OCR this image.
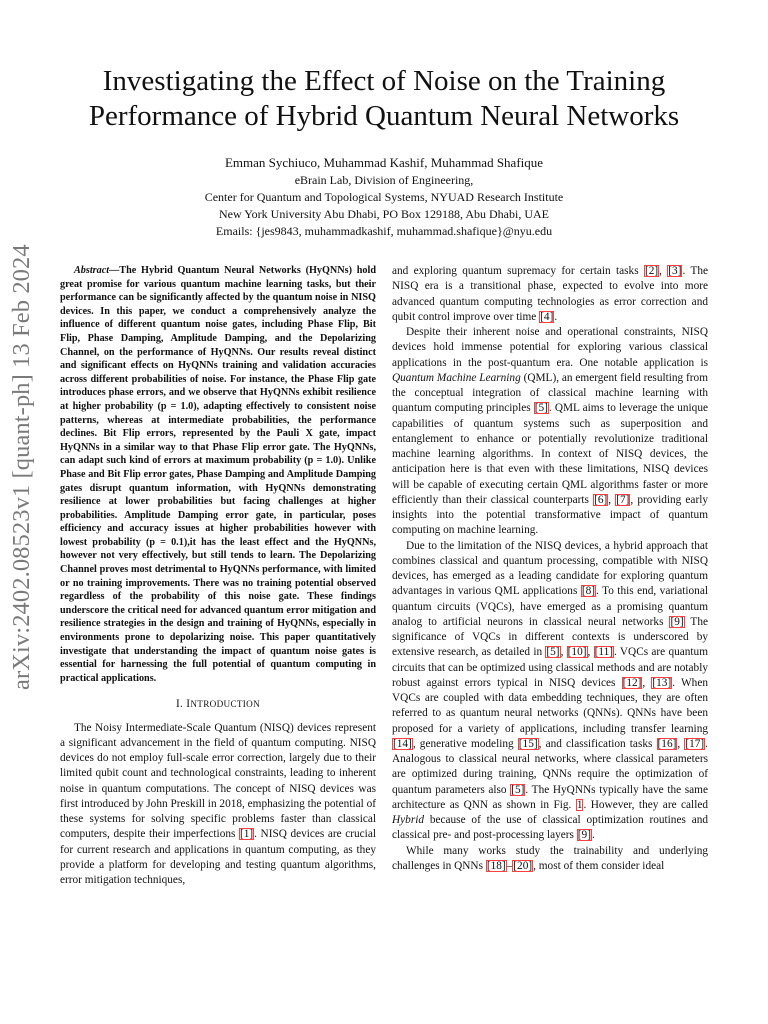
arXiv:2402.08523v1 [quant-ph] 13 Feb 2024
Investigating the Effect of Noise on the Training
Performance of Hybrid Quantum Neural Networks
Emman Sychiuco, Muhammad Kashif, Muhammad Shafique
eBrain Lab, Division of Engineering,
Center for Quantum and Topological Systems, NYUAD Research Institute
New York University Abu Dhabi, PO Box 129188, Abu Dhabi, UAE
Emails: {jes9843, muhammadkashif, muhammad.shafique}@nyu.edu

Abstract—The Hybrid Quantum Neural Networks (HyQNNs) hold great promise for various quantum machine learning tasks, but their performance can be significantly affected by the quantum noise in NISQ devices. In this paper, we conduct a comprehensively analyze the influence of different quantum noise gates, including Phase Flip, Bit Flip, Phase Damping, Amplitude Damping, and the Depolarizing Channel, on the performance of HyQNNs. Our results reveal distinct and significant effects on HyQNNs training and validation accuracies across different probabilities of noise. For instance, the Phase Flip gate introduces phase errors, and we observe that HyQNNs exhibit resilience at higher probability (p = 1.0), adapting effectively to consistent noise patterns, whereas at intermediate probabilities, the performance declines. Bit Flip errors, represented by the Pauli X gate, impact HyQNNs in a similar way to that Phase Flip error gate. The HyQNNs, can adapt such kind of errors at maximum probability (p = 1.0). Unlike Phase and Bit Flip error gates, Phase Damping and Amplitude Damping gates disrupt quantum information, with HyQNNs demonstrating resilience at lower probabilities but facing challenges at higher probabilities. Amplitude Damping error gate, in particular, poses efficiency and accuracy issues at higher probabilities however with lowest probability (p = 0.1),it has the least effect and the HyQNNs, however not very effectively, but still tends to learn. The Depolarizing Channel proves most detrimental to HyQNNs performance, with limited or no training improvements. There was no training potential observed regardless of the probability of this noise gate. These findings underscore the critical need for advanced quantum error mitigation and resilience strategies in the design and training of HyQNNs, especially in environments prone to depolarizing noise. This paper quantitatively investigate that understanding the impact of quantum noise gates is essential for harnessing the full potential of quantum computing in practical applications.

I. INTRODUCTION

The Noisy Intermediate-Scale Quantum (NISQ) devices represent a significant advancement in the field of quantum computing. NISQ devices do not employ full-scale error correction, largely due to their limited qubit count and technological constraints, leading to inherent noise in quantum computations. The concept of NISQ devices was first introduced by John Preskill in 2018, emphasizing the potential of these systems for solving specific problems faster than classical computers, despite their imperfections [1]. NISQ devices are crucial for current research and applications in quantum computing, as they provide a platform for developing and testing quantum algorithms, error mitigation techniques,

and exploring quantum supremacy for certain tasks [2], [3]. The NISQ era is a transitional phase, expected to evolve into more advanced quantum computing technologies as error correction and qubit control improve over time [4].

Despite their inherent noise and operational constraints, NISQ devices hold immense potential for exploring various classical applications in the post-quantum era. One notable application is Quantum Machine Learning (QML), an emergent field resulting from the conceptual integration of classical machine learning with quantum computing principles [5]. QML aims to leverage the unique capabilities of quantum systems such as superposition and entanglement to enhance or potentially revolutionize traditional machine learning algorithms. In context of NISQ devices, the anticipation here is that even with these limitations, NISQ devices will be capable of executing certain QML algorithms faster or more efficiently than their classical counterparts [6], [7], providing early insights into the potential transformative impact of quantum computing on machine learning.

Due to the limitation of the NISQ devices, a hybrid approach that combines classical and quantum processing, compatible with NISQ devices, has emerged as a leading candidate for exploring quantum advantages in various QML applications [8]. To this end, variational quantum circuits (VQCs), have emerged as a promising quantum analog to artificial neurons in classical neural networks [9] The significance of VQCs in different contexts is underscored by extensive research, as detailed in [5], [10], [11]. VQCs are quantum circuits that can be optimized using classical methods and are notably robust against errors typical in NISQ devices [12], [13]. When VQCs are coupled with data embedding techniques, they are often referred to as quantum neural networks (QNNs). QNNs have been proposed for a variety of applications, including transfer learning [14], generative modeling [15], and classification tasks [16], [17]. Analogous to classical neural networks, where classical parameters are optimized during training, QNNs require the optimization of quantum parameters also [5]. The HyQNNs typically have the same architecture as QNN as shown in Fig. 1. However, they are called Hybrid because of the use of classical optimization routines and classical pre- and post-processing layers [9].

While many works study the trainability and underlying challenges in QNNs [18]–[20], most of them consider ideal
